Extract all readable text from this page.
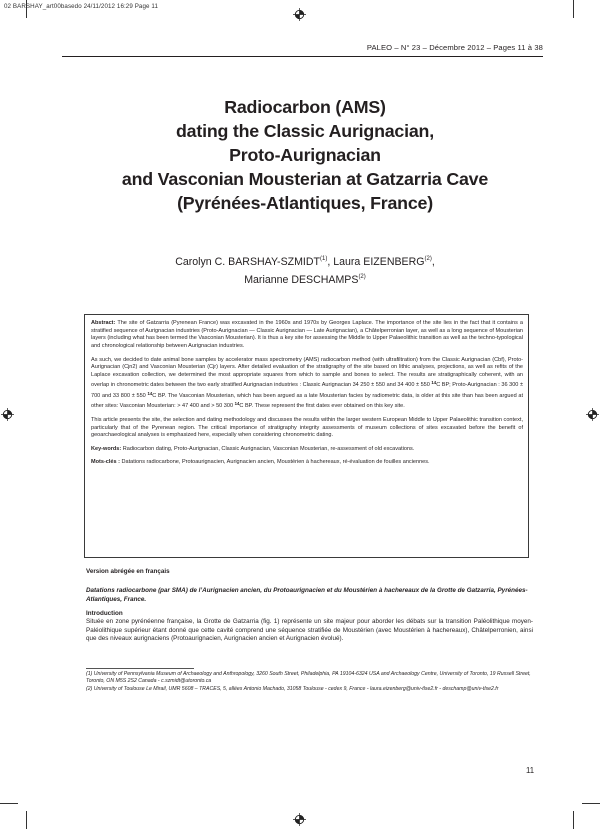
02 BARSHAY_art00basedo 24/11/2012 16:29 Page 11
PALEO – N° 23 – Décembre 2012 – Pages 11 à 38
Radiocarbon (AMS)
dating the Classic Aurignacian,
Proto-Aurignacian
and Vasconian Mousterian at Gatzarria Cave
(Pyrénées-Atlantiques, France)
Carolyn C. BARSHAY-SZMIDT$^{(1)}$, Laura EIZENBERG$^{(2)}$,
Marianne DESCHAMPS$^{(2)}$

Abstract: The site of Gatzarria (Pyrenean France) was excavated in the 1960s and 1970s by Georges Laplace. The importance of the site lies in the fact that it contains a stratified sequence of Aurignacian industries (Proto-Aurignacian — Classic Aurignacian — Late Aurignacian), a Châtelperronian layer, as well as a long sequence of Mousterian layers (including what has been termed the Vasconian Mousterian). It is thus a key site for assessing the Middle to Upper Palaeolithic transition as well as the techno-typological and chronological relationship between Aurignacian industries.

As such, we decided to date animal bone samples by accelerator mass spectrometry (AMS) radiocarbon method (with ultrafiltration) from the Classic Aurignacian (Cbf), Proto-Aurignacian (Cjn2) and Vasconian Mousterian (Cjr) layers. After detailed evaluation of the stratigraphy of the site based on lithic analyses, projections, as well as refits of the Laplace excavation collection, we determined the most appropriate squares from which to sample and bones to select. The results are stratigraphically coherent, with an overlap in chronometric dates between the two early stratified Aurignacian industries : Classic Aurignacian 34 250 ± 550 and 34 400 ± 550 $^{14}$C BP; Proto-Aurignacian : 36 300 ± 700 and 33 800 ± 550 $^{14}$C BP. The Vasconian Mousterian, which has been argued as a late Mousterian facies by radiometric data, is older at this site than has been argued at other sites: Vasconian Mousterian: > 47 400 and > 50 300 $^{14}$C BP. These represent the first dates ever obtained on this key site.

This article presents the site, the selection and dating methodology and discusses the results within the larger western European Middle to Upper Palaeolithic transition context, particularly that of the Pyrenean region. The critical importance of stratigraphy integrity assessments of museum collections of sites excavated before the benefit of geoarchaeological analyses is emphasized here, especially when considering chronometric dating.

Key-words: Radiocarbon dating, Proto-Aurignacian, Classic Aurignacian, Vasconian Mousterian, re-assessment of old excavations.

Mots-clés : Datations radiocarbone, Protoaurignacien, Aurignacien ancien, Moustérien à hachereaux, ré-évaluation de fouilles anciennes.

Version abrégée en français
Datations radiocarbone (par SMA) de l’Aurignacien ancien, du Protoaurignacien et du Moustérien à hachereaux de la Grotte de Gatzarria, Pyrénées-Atlantiques, France.
Introduction

Située en zone pyrénéenne française, la Grotte de Gatzarria (fig. 1) représente un site majeur pour aborder les débats sur la transition Paléolithique moyen-Paléolithique supérieur étant donné que cette cavité comprend une séquence stratifiée de Moustérien (avec Moustérien à hachereaux), Châtelperronien, ainsi que des niveaux aurignaciens (Protoaurignacien, Aurignacien ancien et Aurignacien évolué).

(1) University of Pennsylvania Museum of Archaeology and Anthropology, 3260 South Street, Philadelphia, PA 19104-6324 USA and Archaeology Centre, University of Toronto, 19 Russell Street, Toronto, ON M5S 2S2 Canada - c.szmidt@utoronto.ca

(2) University of Toulouse Le Mirail, UMR 5608 – TRACES, 5, allées Antonio Machado, 31058 Toulouse - cedex 9, France - laura.eizenberg@univ-tlse2.fr - deschamp@univ-tlse2.fr

11
